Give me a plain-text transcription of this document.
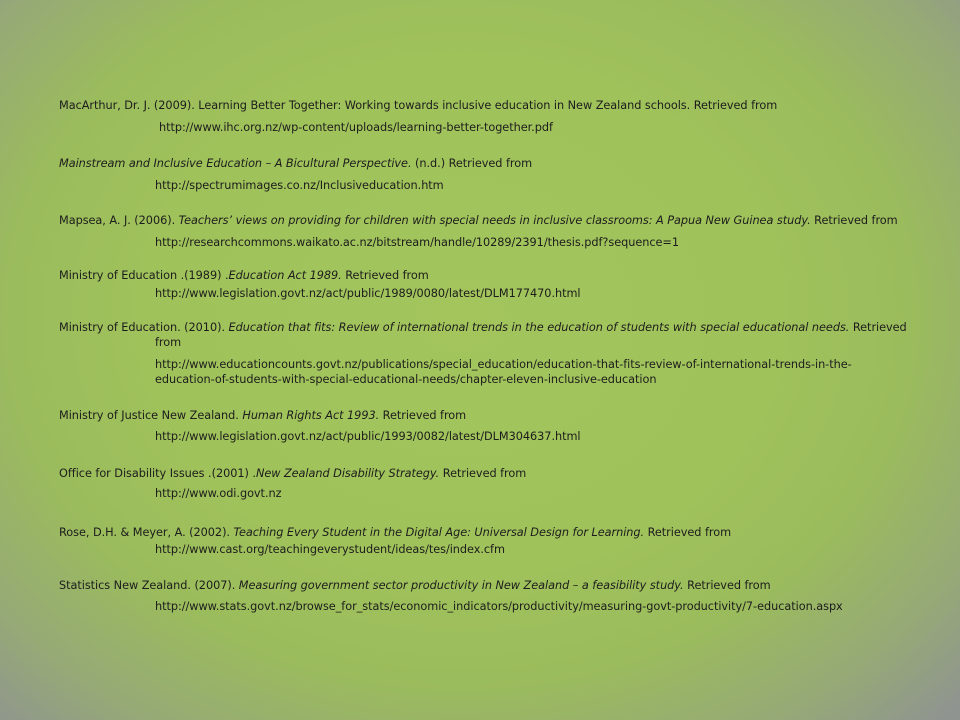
MacArthur, Dr. J. (2009). Learning Better Together: Working towards inclusive education in New Zealand schools. Retrieved from
http://www.ihc.org.nz/wp-content/uploads/learning-better-together.pdf
Mainstream and Inclusive Education – A Bicultural Perspective. (n.d.) Retrieved from
http://spectrumimages.co.nz/Inclusiveducation.htm
Mapsea, A. J. (2006). Teachers’ views on providing for children with special needs in inclusive classrooms: A Papua New Guinea study. Retrieved from
http://researchcommons.waikato.ac.nz/bitstream/handle/10289/2391/thesis.pdf?sequence=1
Ministry of Education .(1989) .Education Act 1989. Retrieved from
http://www.legislation.govt.nz/act/public/1989/0080/latest/DLM177470.html
Ministry of Education. (2010). Education that fits: Review of international trends in the education of students with special educational needs. Retrieved
from
http://www.educationcounts.govt.nz/publications/special_education/education-that-fits-review-of-international-trends-in-the-
education-of-students-with-special-educational-needs/chapter-eleven-inclusive-education
Ministry of Justice New Zealand. Human Rights Act 1993. Retrieved from
http://www.legislation.govt.nz/act/public/1993/0082/latest/DLM304637.html
Office for Disability Issues .(2001) .New Zealand Disability Strategy. Retrieved from
http://www.odi.govt.nz
Rose, D.H. & Meyer, A. (2002). Teaching Every Student in the Digital Age: Universal Design for Learning. Retrieved from
http://www.cast.org/teachingeverystudent/ideas/tes/index.cfm
Statistics New Zealand. (2007). Measuring government sector productivity in New Zealand – a feasibility study. Retrieved from
http://www.stats.govt.nz/browse_for_stats/economic_indicators/productivity/measuring-govt-productivity/7-education.aspx
